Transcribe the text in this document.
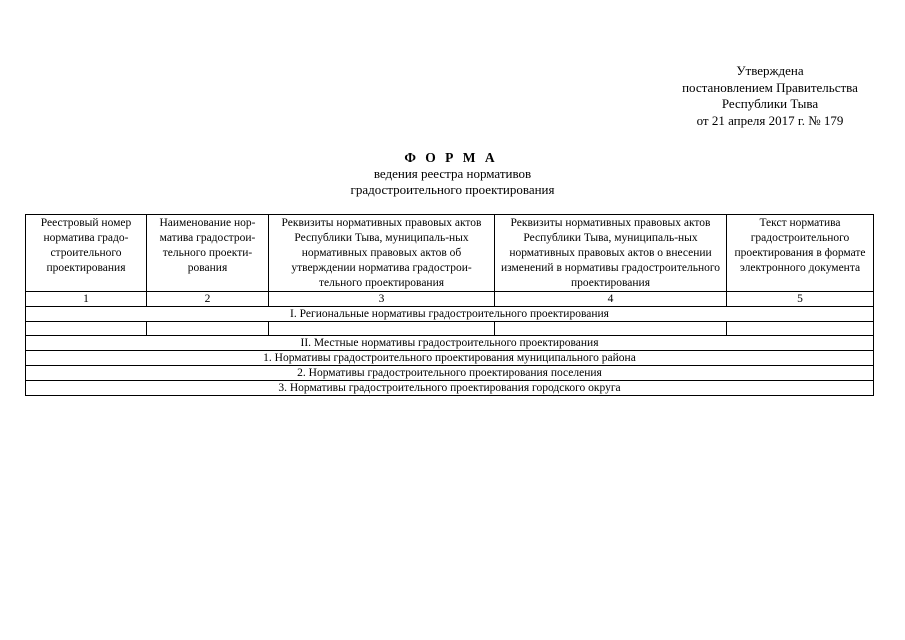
Утверждена
постановлением Правительства
Республики Тыва
от 21 апреля 2017 г. № 179
Ф О Р М А
ведения реестра нормативов
градостроительного проектирования
Реестровый номер норматива градо-строительного проектирования	Наименование нор-матива градострои-тельного проекти-рования	Реквизиты нормативных правовых актов Республики Тыва, муниципаль-ных нормативных правовых актов об утверждении норматива градострои-тельного проектирования	Реквизиты нормативных правовых актов Республики Тыва, муниципаль-ных нормативных правовых актов о внесении изменений в нормативы градостроительного проектирования	Текст норматива градостроительного проектирования в формате электронного документа
1	2	3	4	5
I. Региональные нормативы градостроительного проектирования				

II. Местные нормативы градостроительного проектирования				
1. Нормативы градостроительного проектирования муниципального района				
2. Нормативы градостроительного проектирования поселения				
3. Нормативы градостроительного проектирования городского округа				
